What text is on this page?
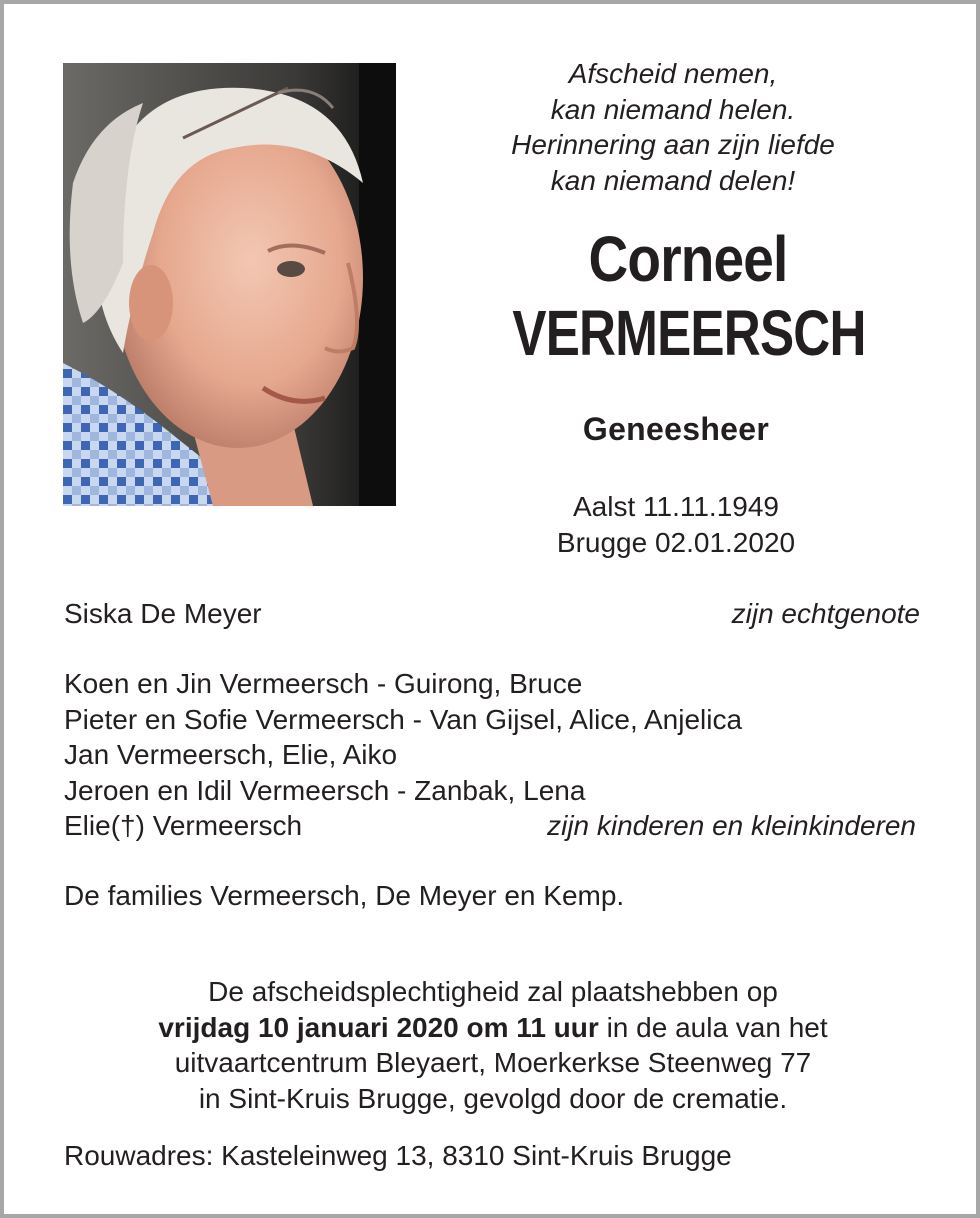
Afscheid nemen,
kan niemand helen.
Herinnering aan zijn liefde
kan niemand delen!
Corneel
VERMEERSCH
Geneesheer
Aalst 11.11.1949
Brugge 02.01.2020
Siska De Meyer	zijn echtgenote
Koen en Jin Vermeersch - Guirong, Bruce
Pieter en Sofie Vermeersch - Van Gijsel, Alice, Anjelica
Jan Vermeersch, Elie, Aiko
Jeroen en Idil Vermeersch - Zanbak, Lena
Elie(†) Vermeersch	zijn kinderen en kleinkinderen
De families Vermeersch, De Meyer en Kemp.
De afscheidsplechtigheid zal plaatshebben op
vrijdag 10 januari 2020 om 11 uur in de aula van het
uitvaartcentrum Bleyaert, Moerkerkse Steenweg 77
in Sint-Kruis Brugge, gevolgd door de crematie.
Rouwadres: Kasteleinweg 13, 8310 Sint-Kruis Brugge
